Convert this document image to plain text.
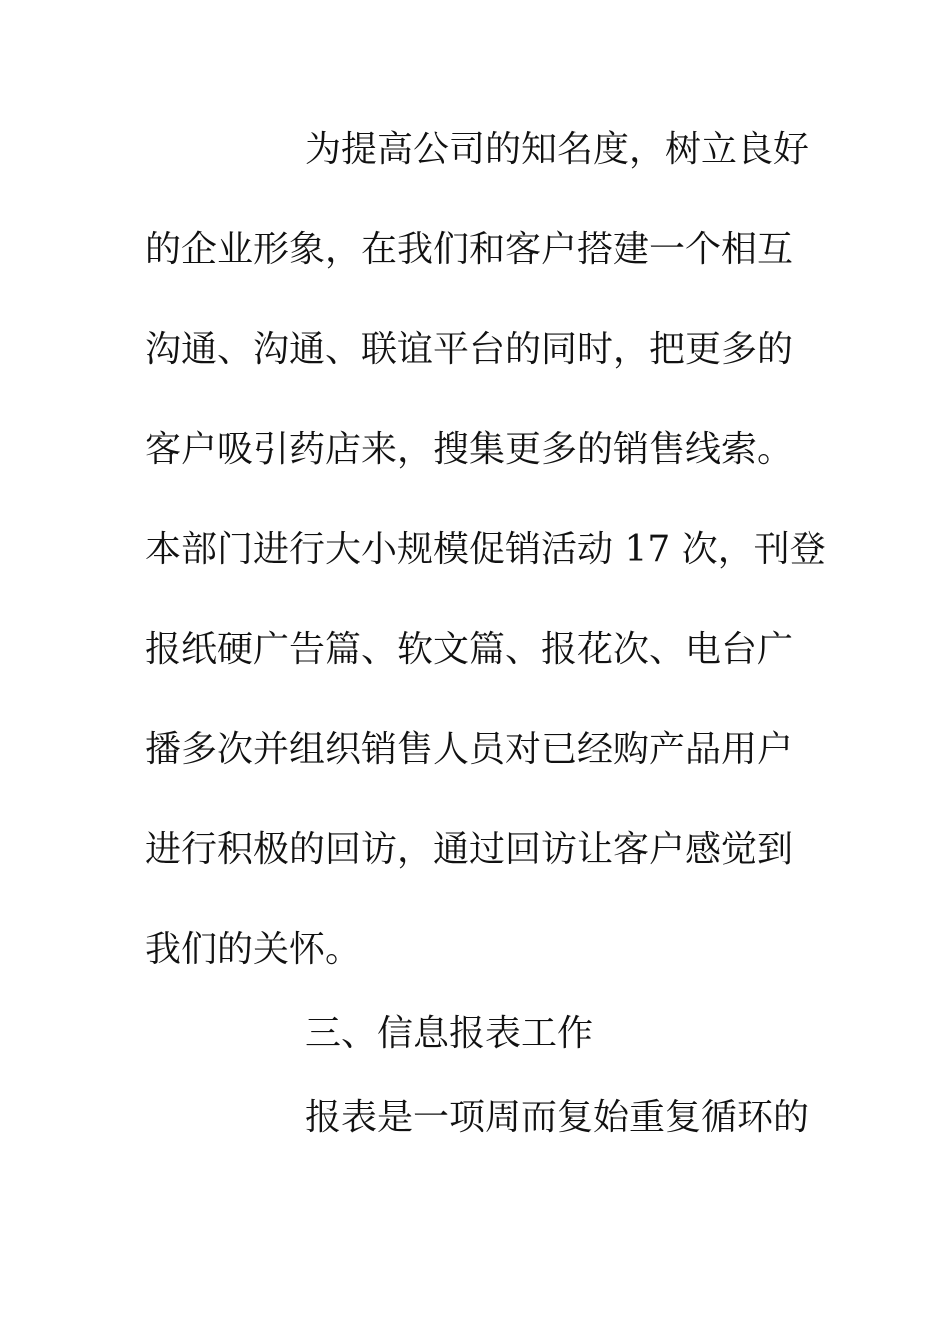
为提高公司的知名度，树立良好
的企业形象，在我们和客户搭建一个相互
沟通、沟通、联谊平台的同时，把更多的
客户吸引药店来，搜集更多的销售线索。
本部门进行大小规模促销活动 17 次，刊登
报纸硬广告篇、软文篇、报花次、电台广
播多次并组织销售人员对已经购产品用户
进行积极的回访，通过回访让客户感觉到
我们的关怀。
三、信息报表工作
报表是一项周而复始重复循环的
